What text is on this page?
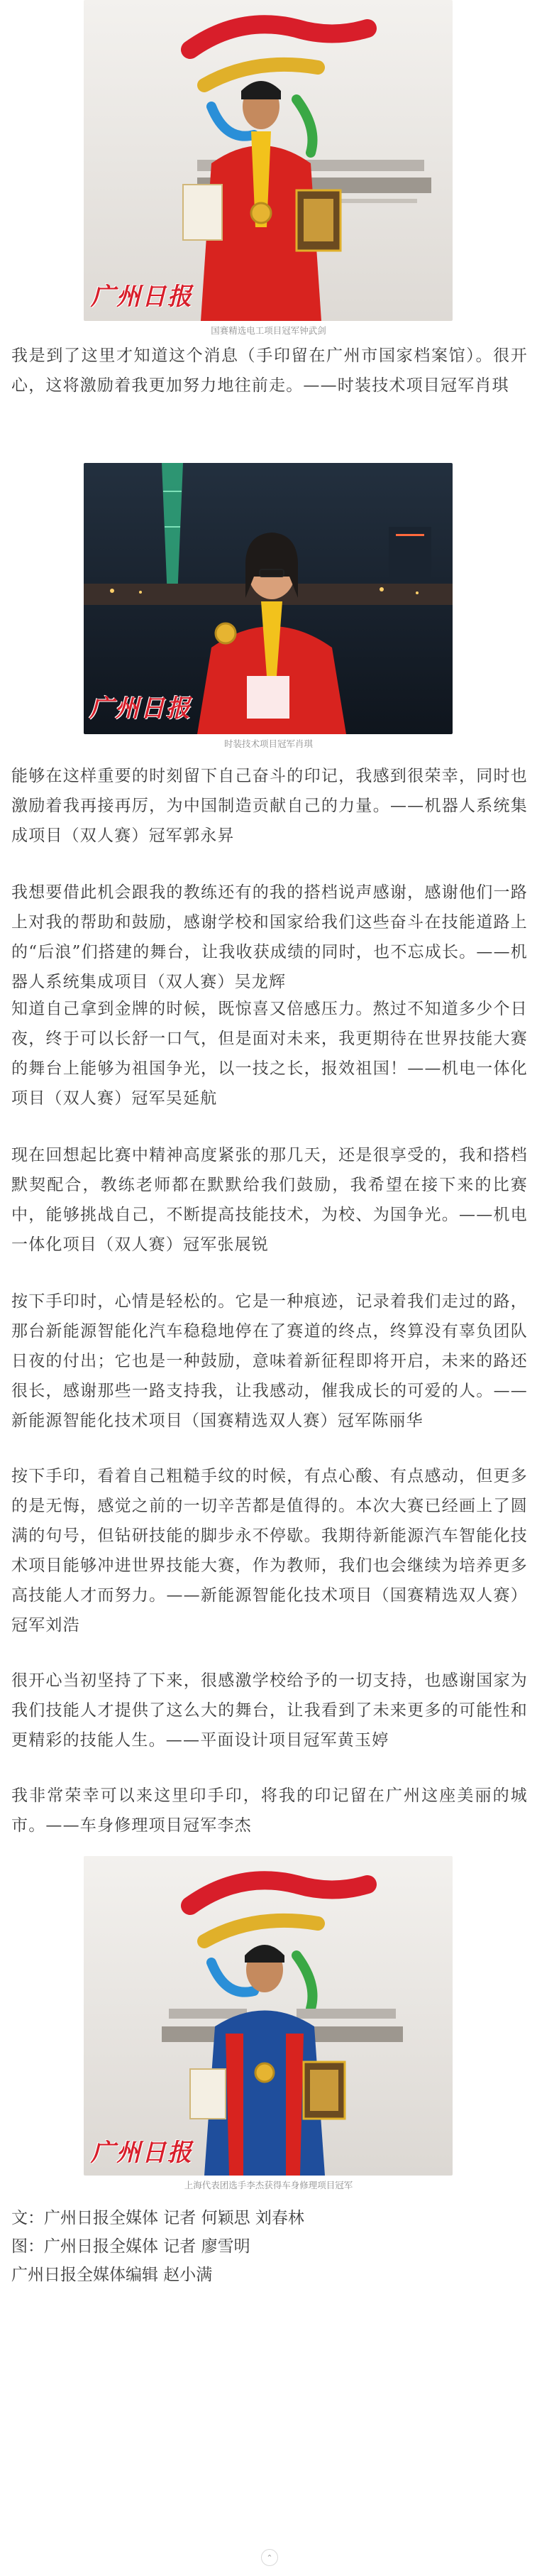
广州日报
国赛精选电工项目冠军钟武剑
我是到了这里才知道这个消息（手印留在广州市国家档案馆）。很开心，这将激励着我更加努力地往前走。——时装技术项目冠军肖琪
广州日报
时装技术项目冠军肖琪
能够在这样重要的时刻留下自己奋斗的印记，我感到很荣幸，同时也激励着我再接再厉，为中国制造贡献自己的力量。——机器人系统集成项目（双人赛）冠军郭永昇
我想要借此机会跟我的教练还有的我的搭档说声感谢，感谢他们一路上对我的帮助和鼓励，感谢学校和国家给我们这些奋斗在技能道路上的“后浪”们搭建的舞台，让我收获成绩的同时，也不忘成长。——机器人系统集成项目（双人赛）吴龙辉
知道自己拿到金牌的时候，既惊喜又倍感压力。熬过不知道多少个日夜，终于可以长舒一口气，但是面对未来，我更期待在世界技能大赛的舞台上能够为祖国争光，以一技之长，报效祖国！——机电一体化项目（双人赛）冠军吴延航
现在回想起比赛中精神高度紧张的那几天，还是很享受的，我和搭档默契配合，教练老师都在默默给我们鼓励，我希望在接下来的比赛中，能够挑战自己，不断提高技能技术，为校、为国争光。——机电一体化项目（双人赛）冠军张展锐
按下手印时，心情是轻松的。它是一种痕迹，记录着我们走过的路，那台新能源智能化汽车稳稳地停在了赛道的终点，终算没有辜负团队日夜的付出；它也是一种鼓励，意味着新征程即将开启，未来的路还很长，感谢那些一路支持我，让我感动，催我成长的可爱的人。——新能源智能化技术项目（国赛精选双人赛）冠军陈丽华
按下手印，看着自己粗糙手纹的时候，有点心酸、有点感动，但更多的是无悔，感觉之前的一切辛苦都是值得的。本次大赛已经画上了圆满的句号，但钻研技能的脚步永不停歇。我期待新能源汽车智能化技术项目能够冲进世界技能大赛，作为教师，我们也会继续为培养更多高技能人才而努力。——新能源智能化技术项目（国赛精选双人赛）冠军刘浩
很开心当初坚持了下来，很感激学校给予的一切支持，也感谢国家为我们技能人才提供了这么大的舞台，让我看到了未来更多的可能性和更精彩的技能人生。——平面设计项目冠军黄玉婷
我非常荣幸可以来这里印手印，将我的印记留在广州这座美丽的城市。——车身修理项目冠军李杰
广州日报
上海代表团选手李杰获得车身修理项目冠军
文：广州日报全媒体 记者 何颖思 刘春林
图：广州日报全媒体 记者 廖雪明
广州日报全媒体编辑 赵小满
⌃
